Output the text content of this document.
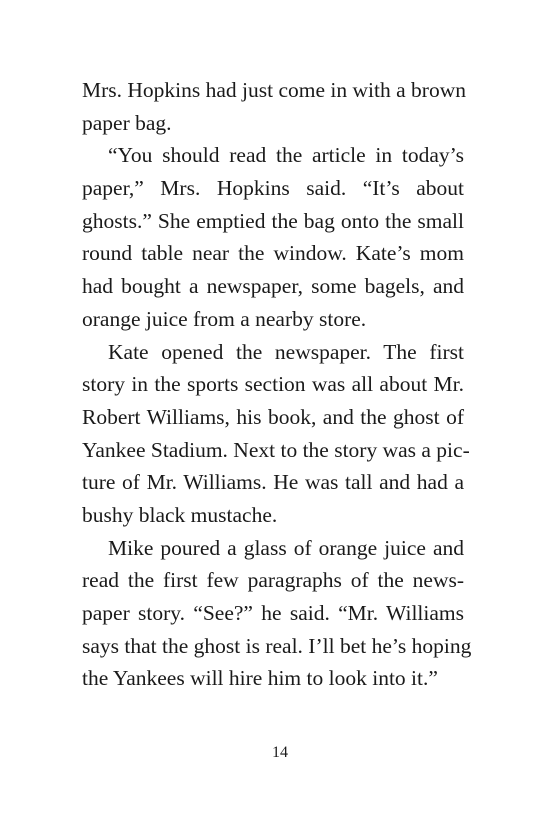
Mrs. Hopkins had just come in with a brown
paper bag.
“You should read the article in today’s
paper,” Mrs. Hopkins said. “It’s about
ghosts.” She emptied the bag onto the small
round table near the window. Kate’s mom
had bought a newspaper, some bagels, and
orange juice from a nearby store.
Kate opened the newspaper. The first
story in the sports section was all about Mr.
Robert Williams, his book, and the ghost of
Yankee Stadium. Next to the story was a pic-
ture of Mr. Williams. He was tall and had a
bushy black mustache.
Mike poured a glass of orange juice and
read the first few paragraphs of the news-
paper story. “See?” he said. “Mr. Williams
says that the ghost is real. I’ll bet he’s hoping
the Yankees will hire him to look into it.”
14
